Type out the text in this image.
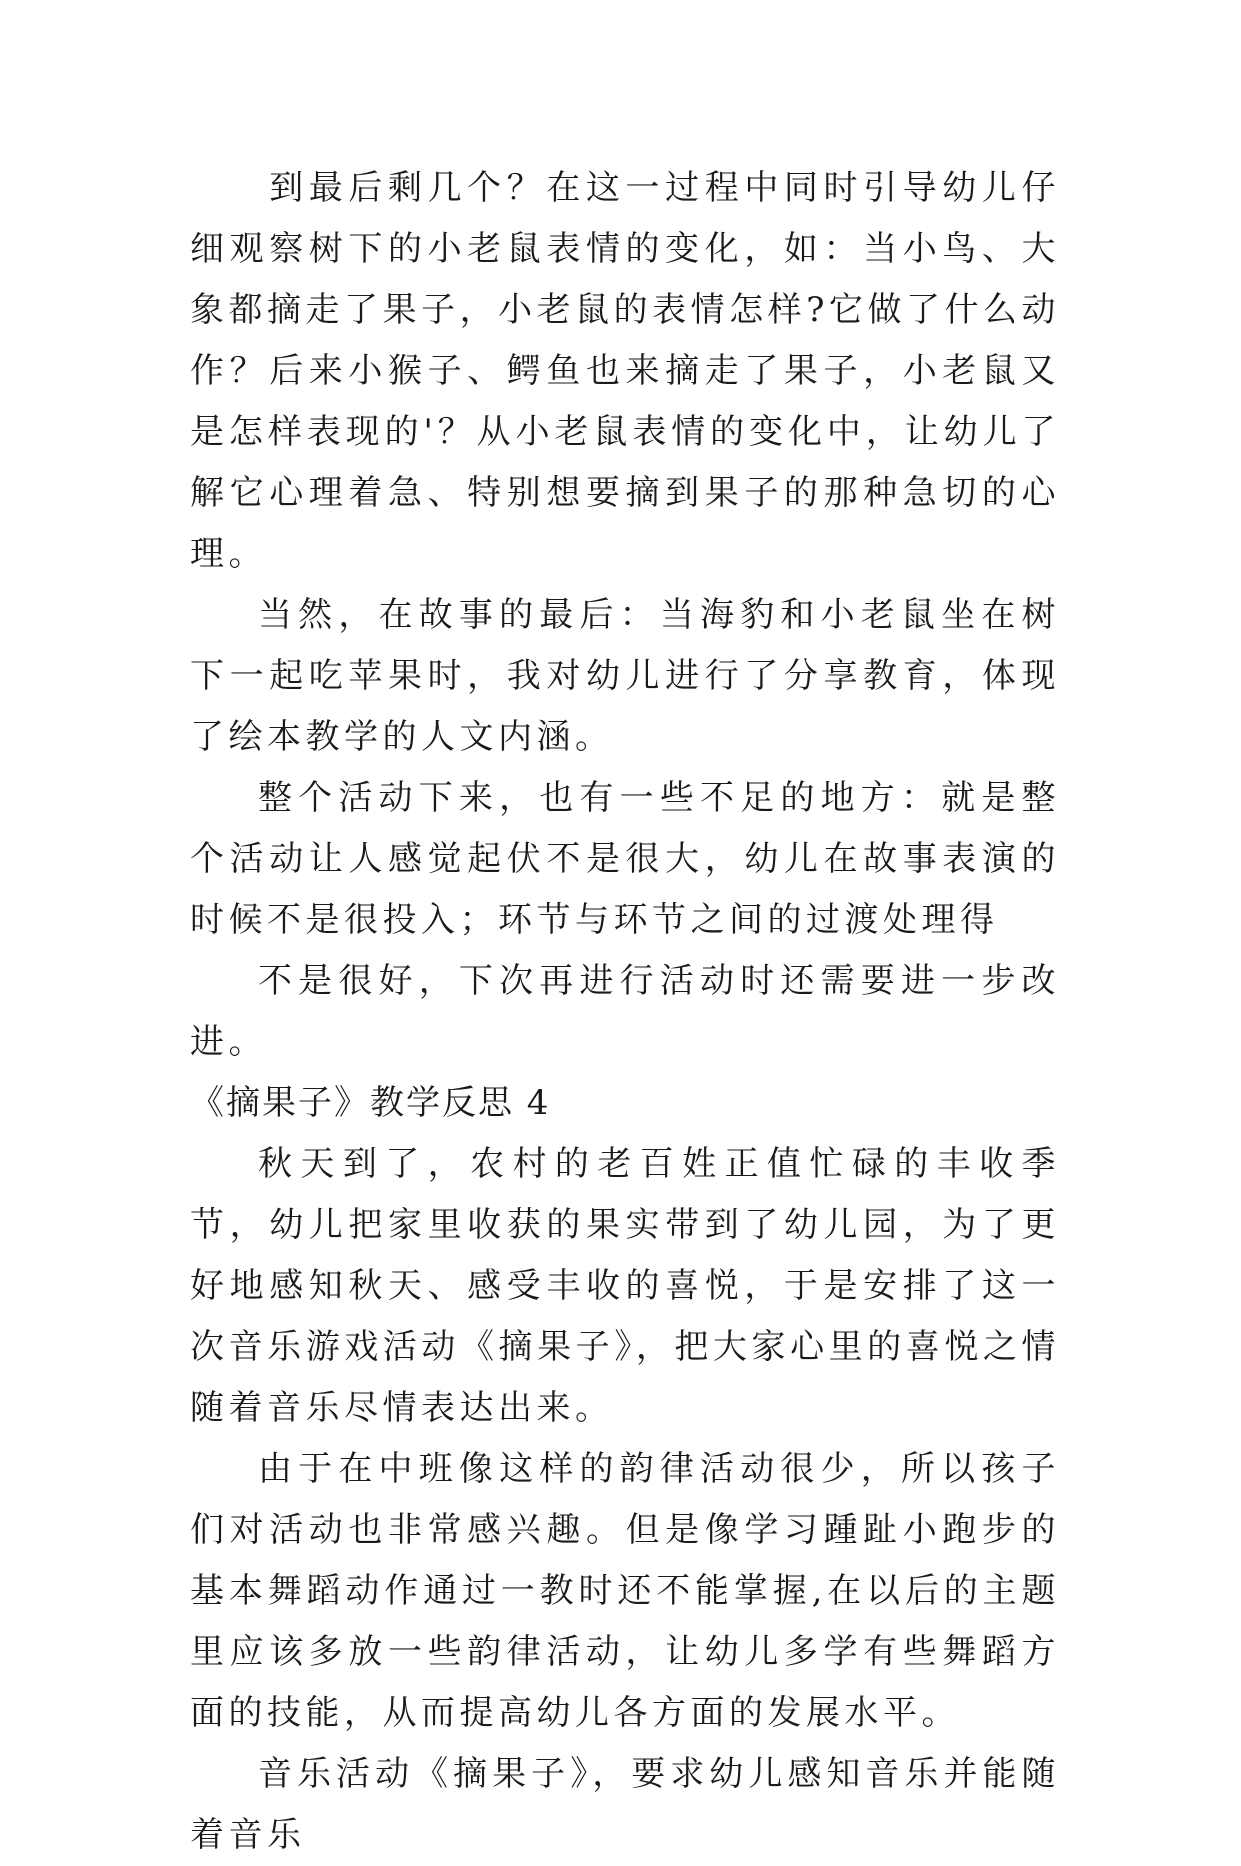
　　到最后剩几个？在这一过程中同时引导幼儿仔细观察树下的小老鼠表情的变化，如：当小鸟、大象都摘走了果子，小老鼠的表情怎样?它做了什么动作？后来小猴子、鳄鱼也来摘走了果子，小老鼠又是怎样表现的'？从小老鼠表情的变化中，让幼儿了解它心理着急、特别想要摘到果子的那种急切的心理。

当然，在故事的最后：当海豹和小老鼠坐在树下一起吃苹果时，我对幼儿进行了分享教育，体现了绘本教学的人文内涵。

整个活动下来，也有一些不足的地方：就是整个活动让人感觉起伏不是很大，幼儿在故事表演的时候不是很投入；环节与环节之间的过渡处理得

不是很好，下次再进行活动时还需要进一步改进。

《摘果子》教学反思 4

秋天到了，农村的老百姓正值忙碌的丰收季节，幼儿把家里收获的果实带到了幼儿园，为了更好地感知秋天、感受丰收的喜悦，于是安排了这一次音乐游戏活动《摘果子》，把大家心里的喜悦之情随着音乐尽情表达出来。

由于在中班像这样的韵律活动很少，所以孩子们对活动也非常感兴趣。但是像学习踵趾小跑步的基本舞蹈动作通过一教时还不能掌握,在以后的主题里应该多放一些韵律活动，让幼儿多学有些舞蹈方面的技能，从而提高幼儿各方面的发展水平。

音乐活动《摘果子》，要求幼儿感知音乐并能随着音乐
